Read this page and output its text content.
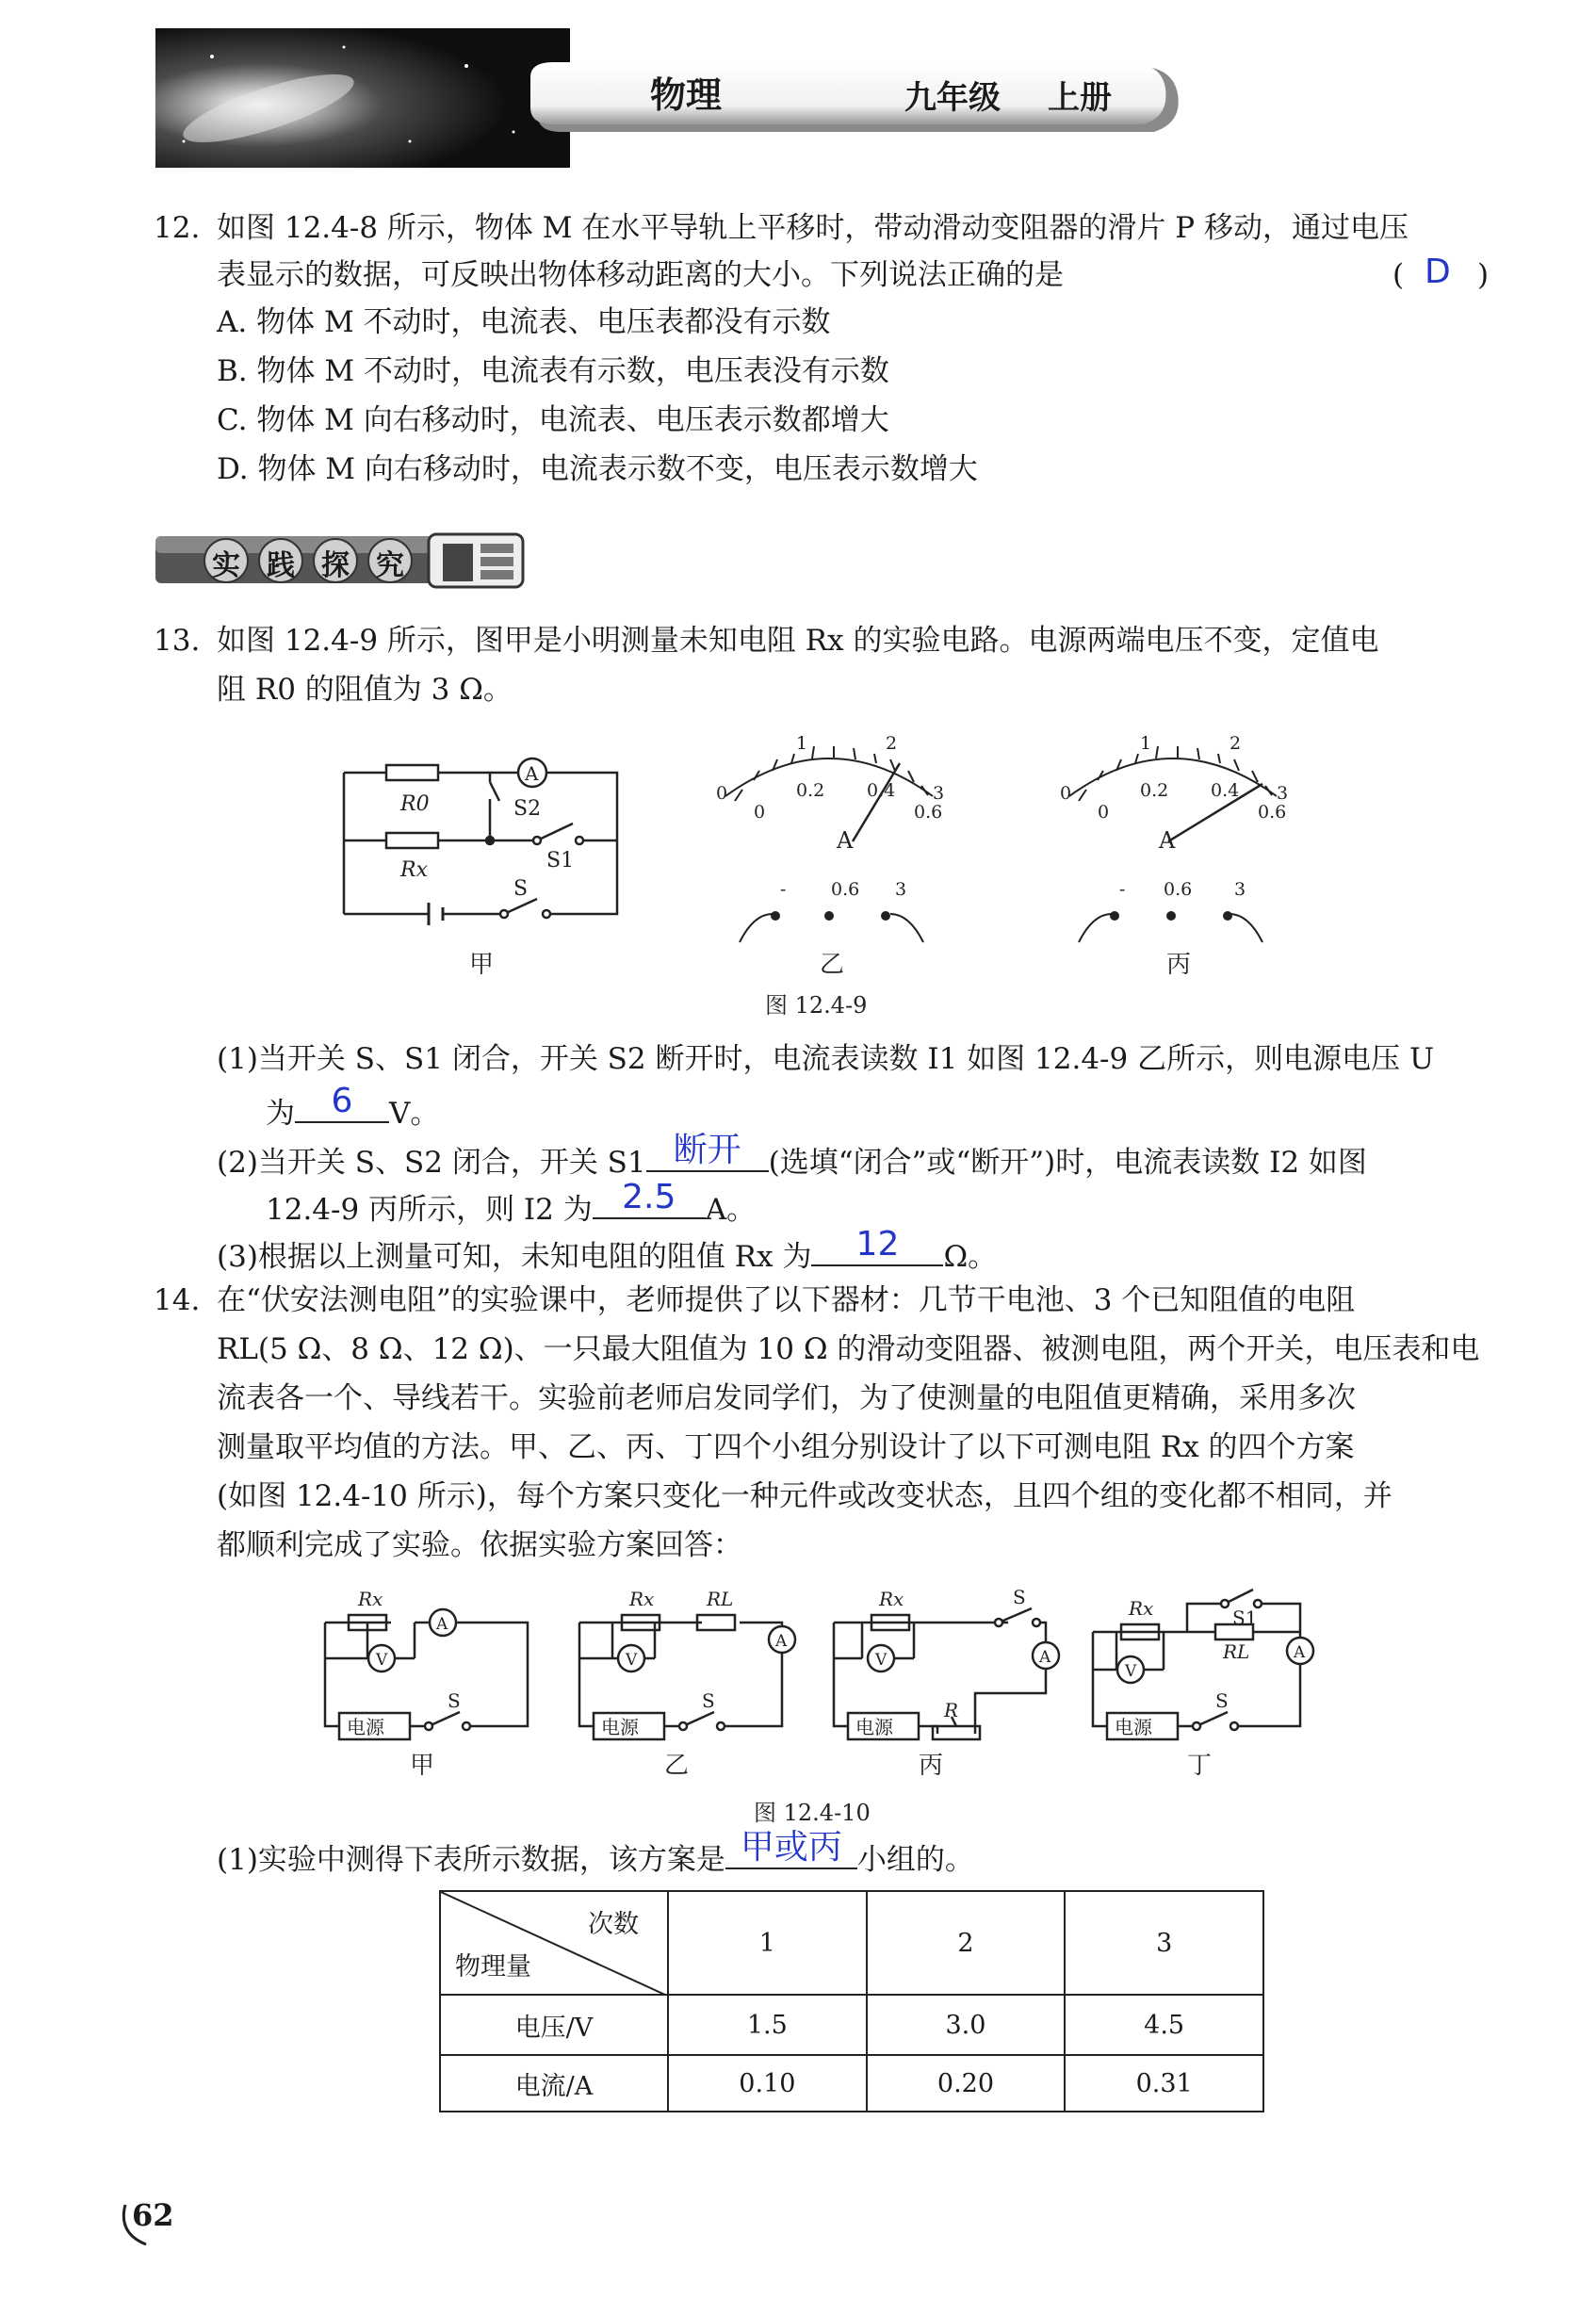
物理	九年级 上册
12. 如图 12.4-8 所示，物体 M 在水平导轨上平移时，带动滑动变阻器的滑片 P 移动，通过电压
表显示的数据，可反映出物体移动距离的大小。下列说法正确的是	( D )
A. 物体 M 不动时，电流表、电压表都没有示数
B. 物体 M 不动时，电流表有示数，电压表没有示数
C. 物体 M 向右移动时，电流表、电压表示数都增大
D. 物体 M 向右移动时，电流表示数不变，电压表示数增大
实 践 探 究
13. 如图 12.4-9 所示，图甲是小明测量未知电阻 Rx 的实验电路。电源两端电压不变，定值电
阻 R0 的阻值为 3 Ω。
A
R0
Rx
S2
S1
S
0
0
0.2 0.4
0.6
1	2
3
A
-	0.6 3
0
0
0.2 0.4
0.6
1	2
3
A
- 0.6 3
甲	乙	丙
图 12.4-9
(1)当开关 S、S1 闭合，开关 S2 断开时，电流表读数 I1 如图 12.4-9 乙所示，则电源电压 U
为	6	V。
(2)当开关 S、S2 闭合，开关 S1 断开 (选填“闭合”或“断开”)时，电流表读数 I2 如图
12.4-9 丙所示，则 I2 为 2.5	A。
(3)根据以上测量可知，未知电阻的阻值 Rx 为	12	Ω。
14. 在“伏安法测电阻”的实验课中，老师提供了以下器材：几节干电池、3 个已知阻值的电阻
RL(5 Ω、8 Ω、12 Ω)、一只最大阻值为 10 Ω 的滑动变阻器、被测电阻，两个开关，电压表和电
流表各一个、导线若干。实验前老师启发同学们，为了使测量的电阻值更精确，采用多次
测量取平均值的方法。甲、乙、丙、丁四个小组分别设计了以下可测电阻 Rx 的四个方案
(如图 12.4-10 所示)，每个方案只变化一种元件或改变状态，且四个组的变化都不相同，并
都顺利完成了实验。依据实验方案回答：
电源	电源	电源	电源
Rx	Rx	RL	Rx
R
Rx
RL
S	S
S
S
S1
A
A
A	A
V	V	V
V
甲	乙	丙	丁
图 12.4-10
(1)实验中测得下表所示数据，该方案是 甲或丙 小组的。
次数
物理量	1	2	3
电压/V	1.5	3.0	4.5
电流/A	0.10	0.20	0.31
62
